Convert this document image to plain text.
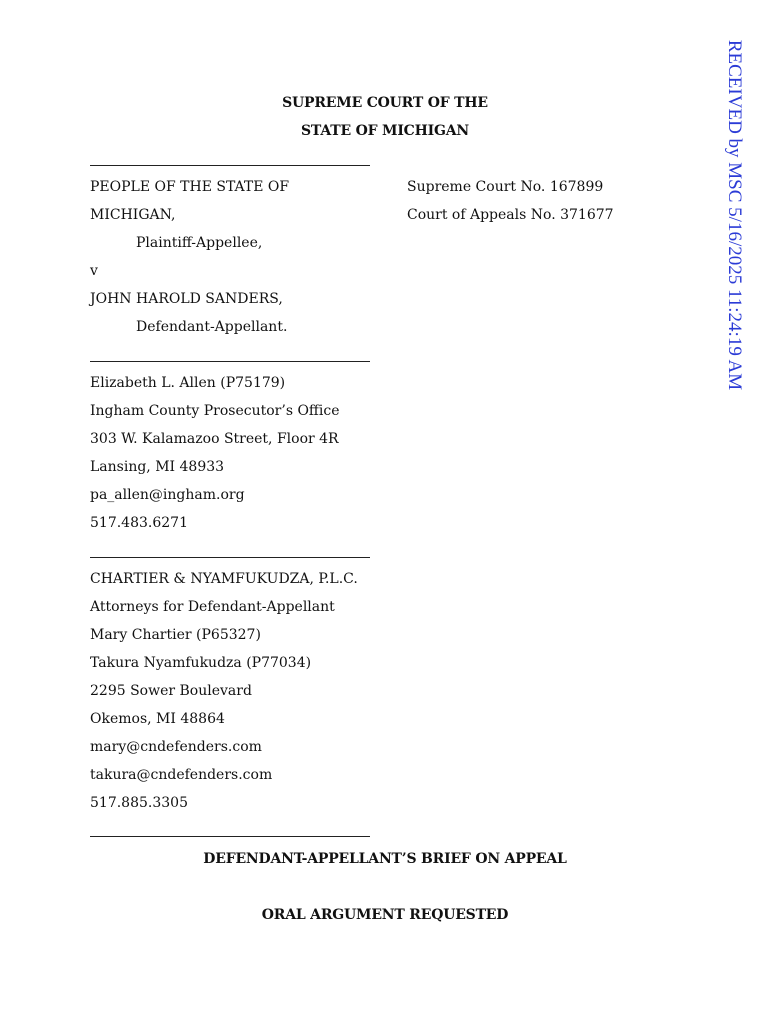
SUPREME COURT OF THE
STATE OF MICHIGAN
PEOPLE OF THE STATE OF
MICHIGAN,
Plaintiff-Appellee,
v
JOHN HAROLD SANDERS,
Defendant-Appellant.
Supreme Court No. 167899
Court of Appeals No. 371677
Elizabeth L. Allen (P75179)
Ingham County Prosecutor’s Office
303 W. Kalamazoo Street, Floor 4R
Lansing, MI 48933
pa_allen@ingham.org
517.483.6271
CHARTIER & NYAMFUKUDZA, P.L.C.
Attorneys for Defendant-Appellant
Mary Chartier (P65327)
Takura Nyamfukudza (P77034)
2295 Sower Boulevard
Okemos, MI 48864
mary@cndefenders.com
takura@cndefenders.com
517.885.3305
DEFENDANT-APPELLANT’S BRIEF ON APPEAL
ORAL ARGUMENT REQUESTED
RECEIVED by MSC 5/16/2025 11:24:19 AM
